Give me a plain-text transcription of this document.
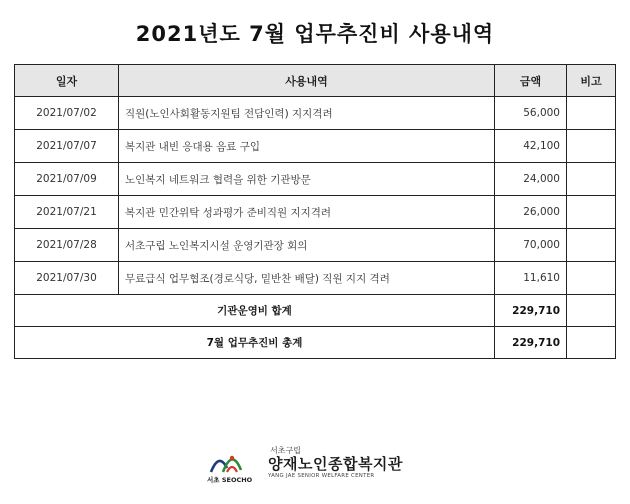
2021년도 7월 업무추진비 사용내역
일자	사용내역	금액	비고
2021/07/02	직원(노인사회활동지원팀 전담인력) 지지격려	56,000	
2021/07/07	복지관 내빈 응대용 음료 구입	42,100	
2021/07/09	노인복지 네트워크 협력을 위한 기관방문	24,000	
2021/07/21	복지관 민간위탁 성과평가 준비직원 지지격려	26,000	
2021/07/28	서초구립 노인복지시설 운영기관장 회의	70,000	
2021/07/30	무료급식 업무협조(경로식당, 밑반찬 배달) 직원 지지 격려	11,610	
기관운영비 합계		229,710	
7월 업무추진비 총계		229,710	
서초 SEOCHO
서초구립
양재노인종합복지관
YANG JAE SENIOR WELFARE CENTER
